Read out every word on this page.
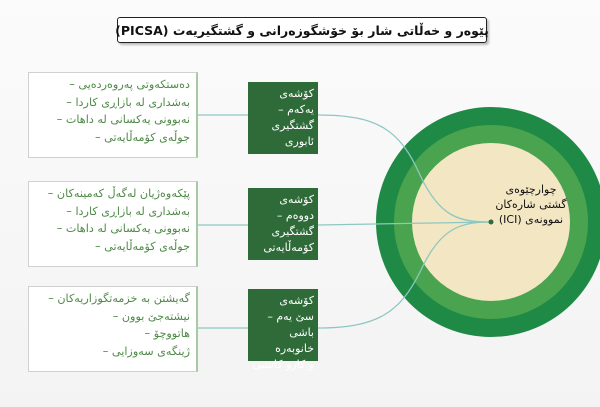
پێوەر و خەڵاتی شار بۆ خۆشگوزەرانی و گشتگیریەت (PICSA)
دەستکەوتی پەروەردەیی –
بەشداری لە بازاڕی کاردا –
نەبوونی یەکسانی لە داهات –
جوڵەی کۆمەڵایەتی –
پێکەوەژیان لەگەڵ کەمینەکان –
بەشداری لە بازاڕی کاردا –
نەبوونی یەکسانی لە داهات –
جوڵەی کۆمەڵایەتی –
گەیشتن بە خزمەتگوزاریەکان –
نیشتەجێ بوون –
هاتووچۆ –
ژینگەی سەوزایی –
کۆشەی
یەکەم –
گشتگیری
ئابوری
کۆشەی
دووەم –
گشتگیری
کۆمەڵایەتی
کۆشەی
سێ یەم –
باشی خانوبەرە
و کارو کاسبی
چوارچێوەی گشتی شارەکان نموونەی (ICI)
